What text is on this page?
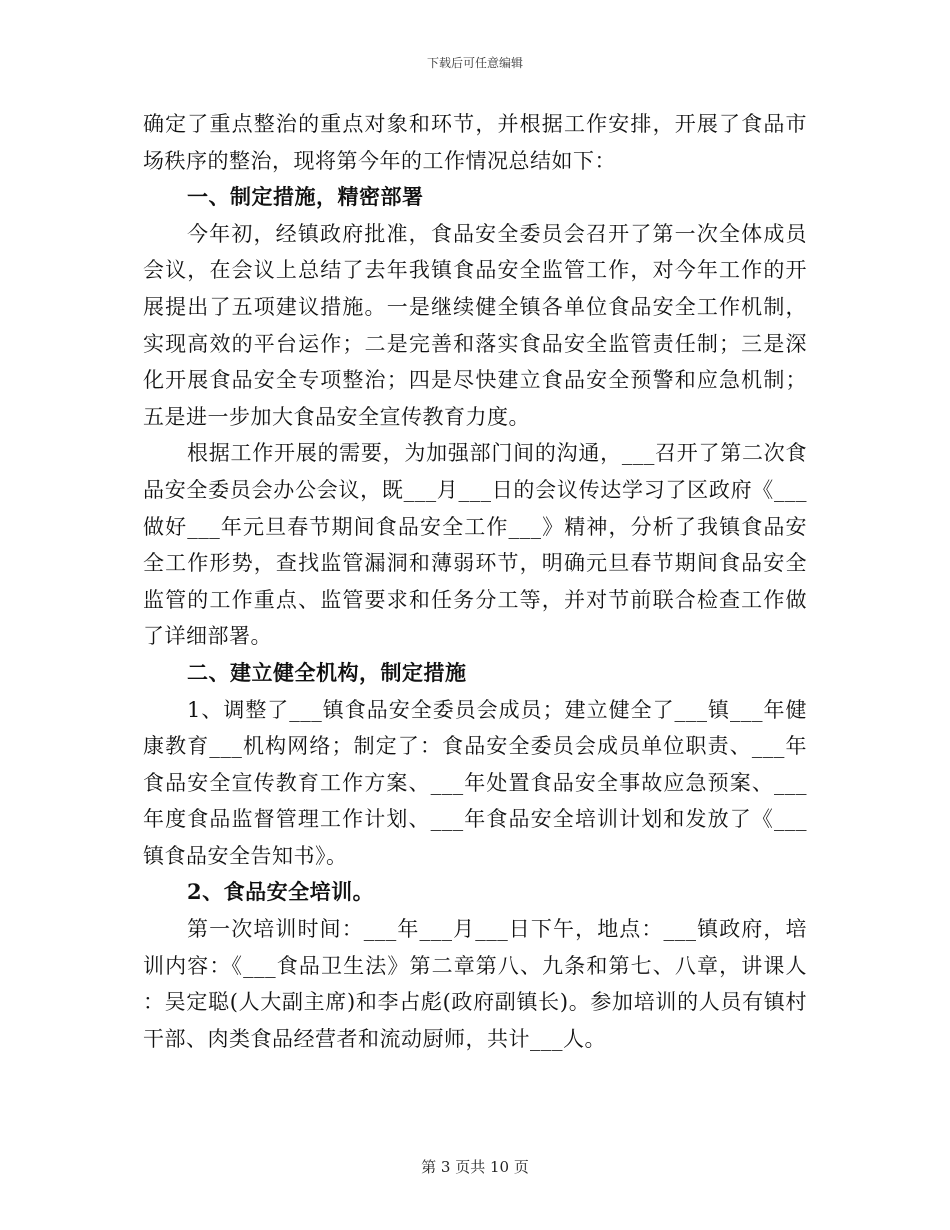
下载后可任意编辑

确定了重点整治的重点对象和环节，并根据工作安排，开展了食品市场秩序的整治，现将第今年的工作情况总结如下：

一、制定措施，精密部署

今年初，经镇政府批准，食品安全委员会召开了第一次全体成员会议，在会议上总结了去年我镇食品安全监管工作，对今年工作的开展提出了五项建议措施。一是继续健全镇各单位食品安全工作机制，实现高效的平台运作；二是完善和落实食品安全监管责任制；三是深化开展食品安全专项整治；四是尽快建立食品安全预警和应急机制；五是进一步加大食品安全宣传教育力度。

根据工作开展的需要，为加强部门间的沟通，___召开了第二次食品安全委员会办公会议，既___月___日的会议传达学习了区政府《___做好___年元旦春节期间食品安全工作___》精神，分析了我镇食品安全工作形势，查找监管漏洞和薄弱环节，明确元旦春节期间食品安全监管的工作重点、监管要求和任务分工等，并对节前联合检查工作做了详细部署。

二、建立健全机构，制定措施

1、调整了___镇食品安全委员会成员；建立健全了___镇___年健康教育___机构网络；制定了：食品安全委员会成员单位职责、___年食品安全宣传教育工作方案、___年处置食品安全事故应急预案、___年度食品监督管理工作计划、___年食品安全培训计划和发放了《___镇食品安全告知书》。

2、食品安全培训。

第一次培训时间：___年___月___日下午，地点：___镇政府，培训内容：《___食品卫生法》第二章第八、九条和第七、八章，讲课人：吴定聪(人大副主席)和李占彪(政府副镇长)。参加培训的人员有镇村干部、肉类食品经营者和流动厨师，共计___人。

第 3 页共 10 页
